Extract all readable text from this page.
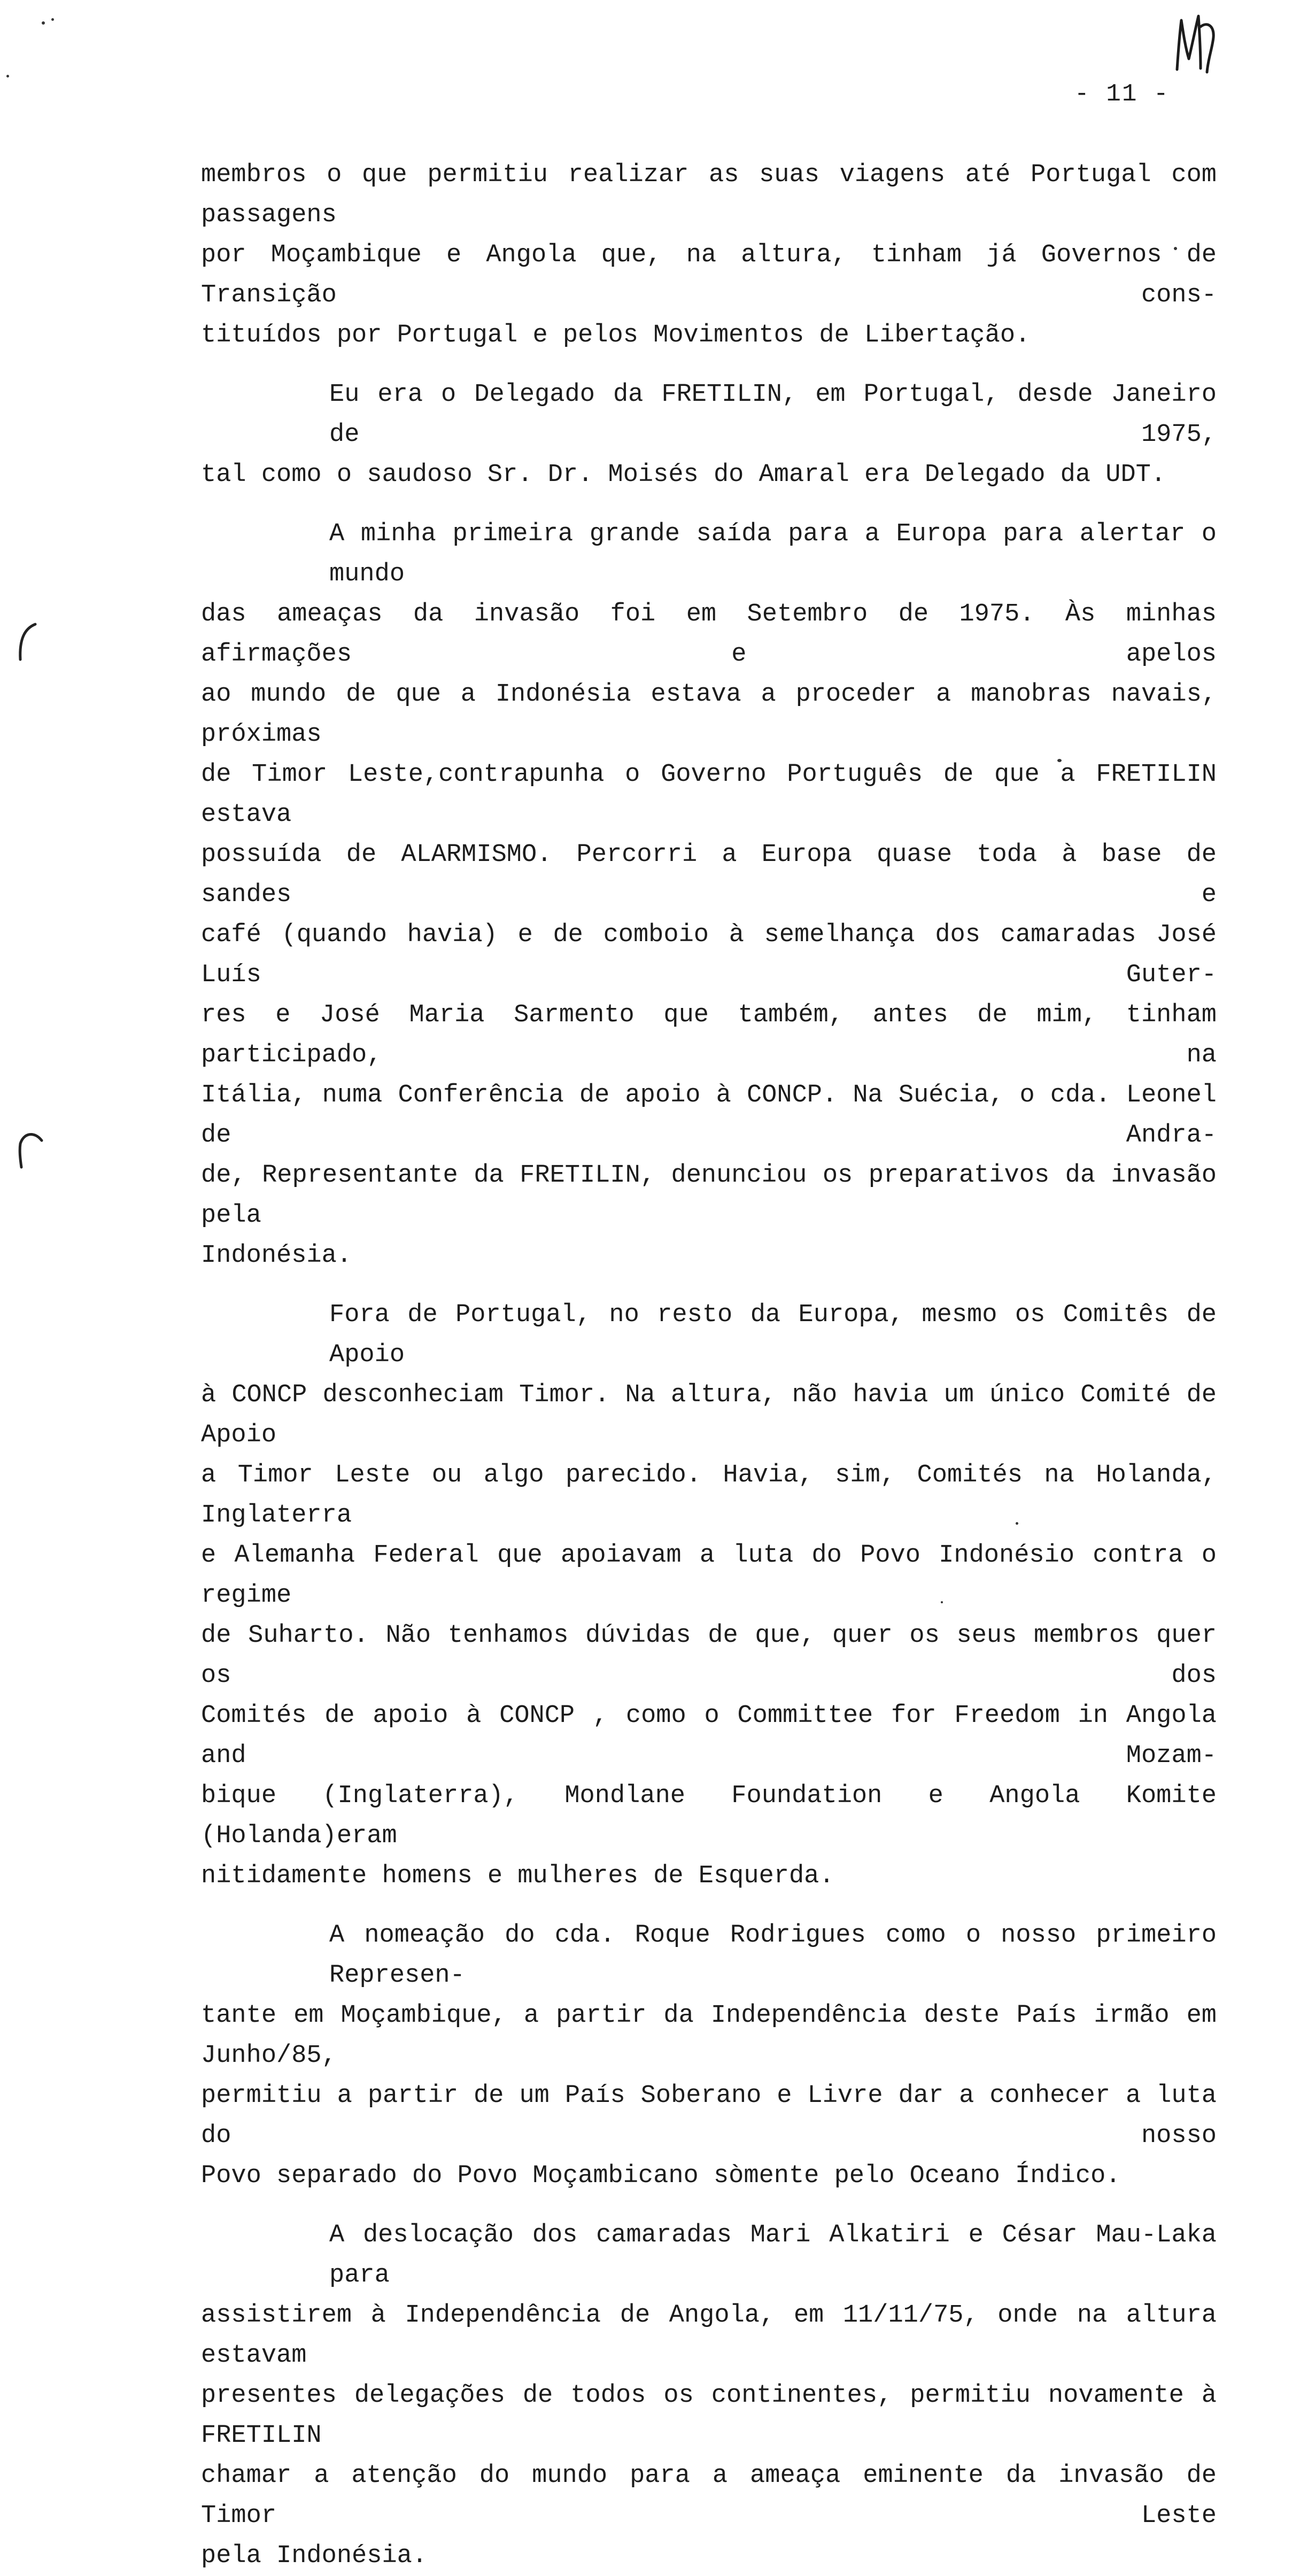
- 11 -

membros o que permitiu realizar as suas viagens até Portugal com passagens
por Moçambique e Angola que, na altura, tinham já Governos de Transição cons-
tituídos por Portugal e pelos Movimentos de Libertação.

Eu era o Delegado da FRETILIN, em Portugal, desde Janeiro de 1975,
tal como o saudoso Sr. Dr. Moisés do Amaral era Delegado da UDT.

A minha primeira grande saída para a Europa para alertar o mundo
das ameaças da invasão foi em Setembro de 1975. Às minhas afirmações e apelos
ao mundo de que a Indonésia estava a proceder a manobras navais, próximas
de Timor Leste,contrapunha o Governo Português de que a FRETILIN estava
possuída de ALARMISMO. Percorri a Europa quase toda à base de sandes e
café (quando havia) e de comboio à semelhança dos camaradas José Luís Guter-
res e José Maria Sarmento que também, antes de mim, tinham participado, na
Itália, numa Conferência de apoio à CONCP. Na Suécia, o cda. Leonel de Andra-
de, Representante da FRETILIN, denunciou os preparativos da invasão pela
Indonésia.

Fora de Portugal, no resto da Europa, mesmo os Comitês de Apoio
à CONCP desconheciam Timor. Na altura, não havia um único Comité de Apoio
a Timor Leste ou algo parecido. Havia, sim, Comités na Holanda, Inglaterra
e Alemanha Federal que apoiavam a luta do Povo Indonésio contra o regime
de Suharto. Não tenhamos dúvidas de que, quer os seus membros quer os dos
Comités de apoio à CONCP , como o Committee for Freedom in Angola and Mozam-
bique (Inglaterra), Mondlane Foundation e Angola Komite (Holanda)eram
nitidamente homens e mulheres de Esquerda.

A nomeação do cda. Roque Rodrigues como o nosso primeiro Represen-
tante em Moçambique, a partir da Independência deste País irmão em Junho/85,
permitiu a partir de um País Soberano e Livre dar a conhecer a luta do nosso
Povo separado do Povo Moçambicano sòmente pelo Oceano Índico.

A deslocação dos camaradas Mari Alkatiri e César Mau-Laka para
assistirem à Independência de Angola, em 11/11/75, onde na altura estavam
presentes delegações de todos os continentes, permitiu novamente à FRETILIN
chamar a atenção do mundo para a ameaça eminente da invasão de Timor Leste
pela Indonésia.
